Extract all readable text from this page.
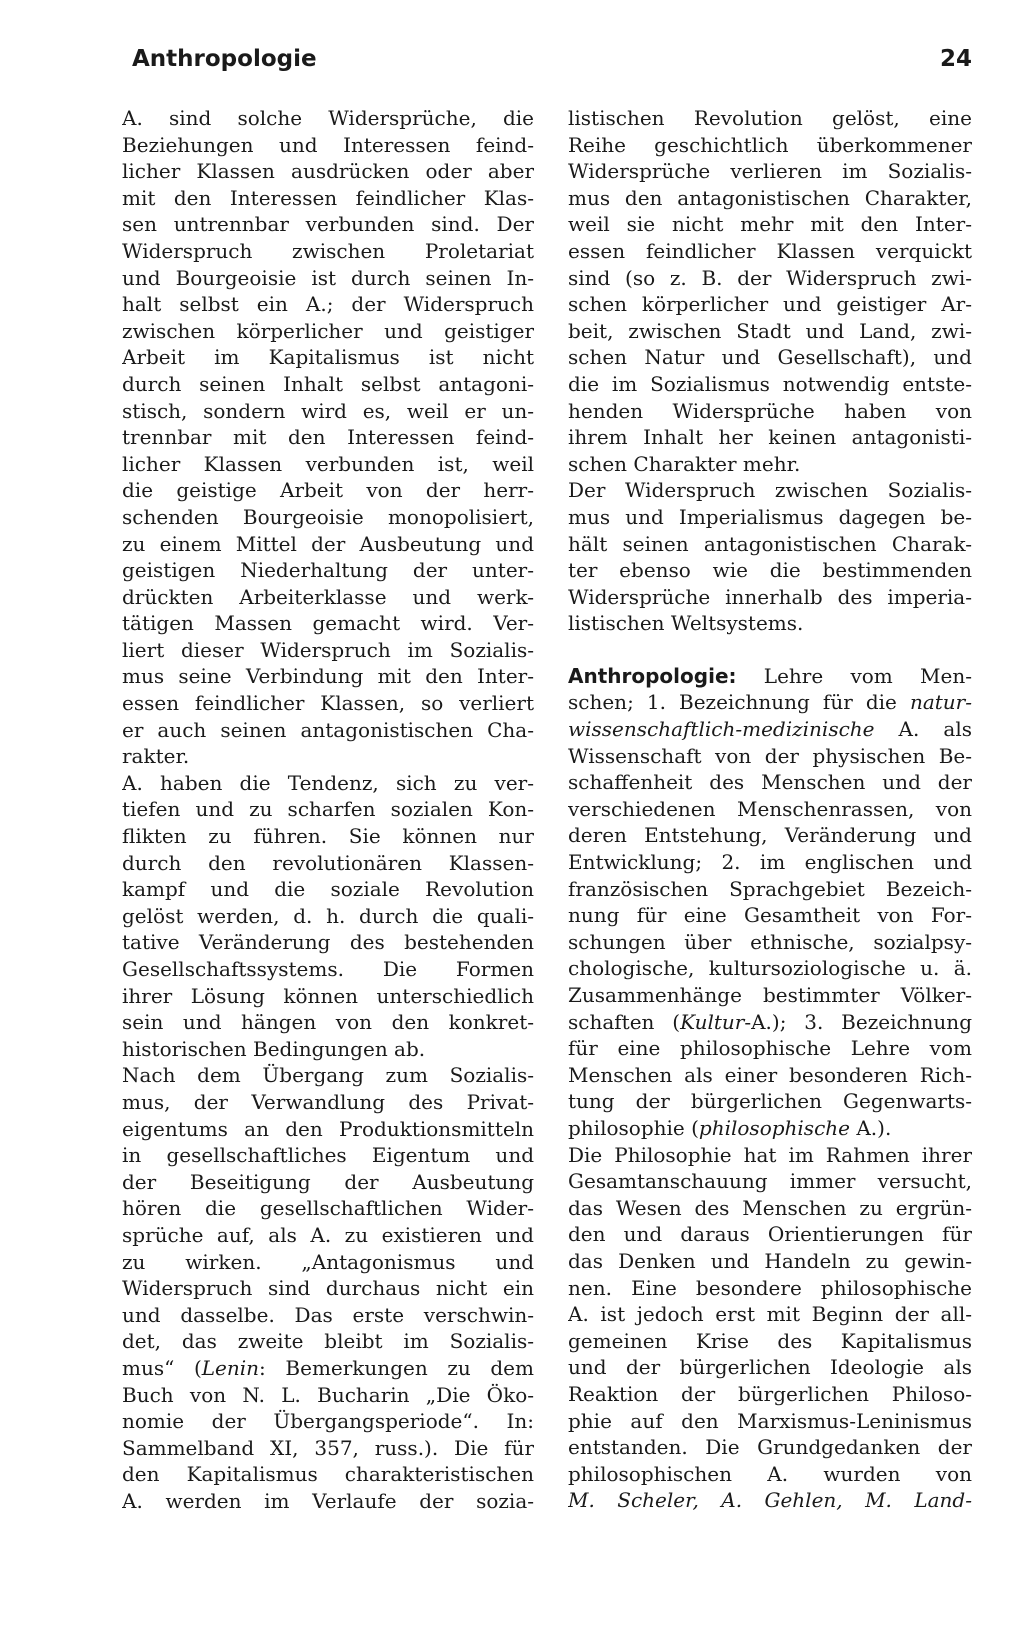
Anthropologie	24
A. sind solche Widersprüche, die
Beziehungen und Interessen feind-
licher Klassen ausdrücken oder aber
mit den Interessen feindlicher Klas-
sen untrennbar verbunden sind. Der
Widerspruch zwischen Proletariat
und Bourgeoisie ist durch seinen In-
halt selbst ein A.; der Widerspruch
zwischen körperlicher und geistiger
Arbeit im Kapitalismus ist nicht
durch seinen Inhalt selbst antagoni-
stisch, sondern wird es, weil er un-
trennbar mit den Interessen feind-
licher Klassen verbunden ist, weil
die geistige Arbeit von der herr-
schenden Bourgeoisie monopolisiert,
zu einem Mittel der Ausbeutung und
geistigen Niederhaltung der unter-
drückten Arbeiterklasse und werk-
tätigen Massen gemacht wird. Ver-
liert dieser Widerspruch im Sozialis-
mus seine Verbindung mit den Inter-
essen feindlicher Klassen, so verliert
er auch seinen antagonistischen Cha-
rakter.
A. haben die Tendenz, sich zu ver-
tiefen und zu scharfen sozialen Kon-
flikten zu führen. Sie können nur
durch den revolutionären Klassen-
kampf und die soziale Revolution
gelöst werden, d. h. durch die quali-
tative Veränderung des bestehenden
Gesellschaftssystems. Die Formen
ihrer Lösung können unterschiedlich
sein und hängen von den konkret-
historischen Bedingungen ab.
Nach dem Übergang zum Sozialis-
mus, der Verwandlung des Privat-
eigentums an den Produktionsmitteln
in gesellschaftliches Eigentum und
der Beseitigung der Ausbeutung
hören die gesellschaftlichen Wider-
sprüche auf, als A. zu existieren und
zu wirken. „Antagonismus und
Widerspruch sind durchaus nicht ein
und dasselbe. Das erste verschwin-
det, das zweite bleibt im Sozialis-
mus“ (Lenin: Bemerkungen zu dem
Buch von N. L. Bucharin „Die Öko-
nomie der Übergangsperiode“. In:
Sammelband XI, 357, russ.). Die für
den Kapitalismus charakteristischen
A. werden im Verlaufe der sozia-
listischen Revolution gelöst, eine
Reihe geschichtlich überkommener
Widersprüche verlieren im Sozialis-
mus den antagonistischen Charakter,
weil sie nicht mehr mit den Inter-
essen feindlicher Klassen verquickt
sind (so z. B. der Widerspruch zwi-
schen körperlicher und geistiger Ar-
beit, zwischen Stadt und Land, zwi-
schen Natur und Gesellschaft), und
die im Sozialismus notwendig entste-
henden Widersprüche haben von
ihrem Inhalt her keinen antagonisti-
schen Charakter mehr.
Der Widerspruch zwischen Sozialis-
mus und Imperialismus dagegen be-
hält seinen antagonistischen Charak-
ter ebenso wie die bestimmenden
Widersprüche innerhalb des imperia-
listischen Weltsystems.
Anthropologie: Lehre vom Men-
schen; 1. Bezeichnung für die natur-
wissenschaftlich-medizinische A. als
Wissenschaft von der physischen Be-
schaffenheit des Menschen und der
verschiedenen Menschenrassen, von
deren Entstehung, Veränderung und
Entwicklung; 2. im englischen und
französischen Sprachgebiet Bezeich-
nung für eine Gesamtheit von For-
schungen über ethnische, sozialpsy-
chologische, kultursoziologische u. ä.
Zusammenhänge bestimmter Völker-
schaften (Kultur-A.); 3. Bezeichnung
für eine philosophische Lehre vom
Menschen als einer besonderen Rich-
tung der bürgerlichen Gegenwarts-
philosophie (philosophische A.).
Die Philosophie hat im Rahmen ihrer
Gesamtanschauung immer versucht,
das Wesen des Menschen zu ergrün-
den und daraus Orientierungen für
das Denken und Handeln zu gewin-
nen. Eine besondere philosophische
A. ist jedoch erst mit Beginn der all-
gemeinen Krise des Kapitalismus
und der bürgerlichen Ideologie als
Reaktion der bürgerlichen Philoso-
phie auf den Marxismus-Leninismus
entstanden. Die Grundgedanken der
philosophischen A. wurden von
M. Scheler, A. Gehlen, M. Land-
